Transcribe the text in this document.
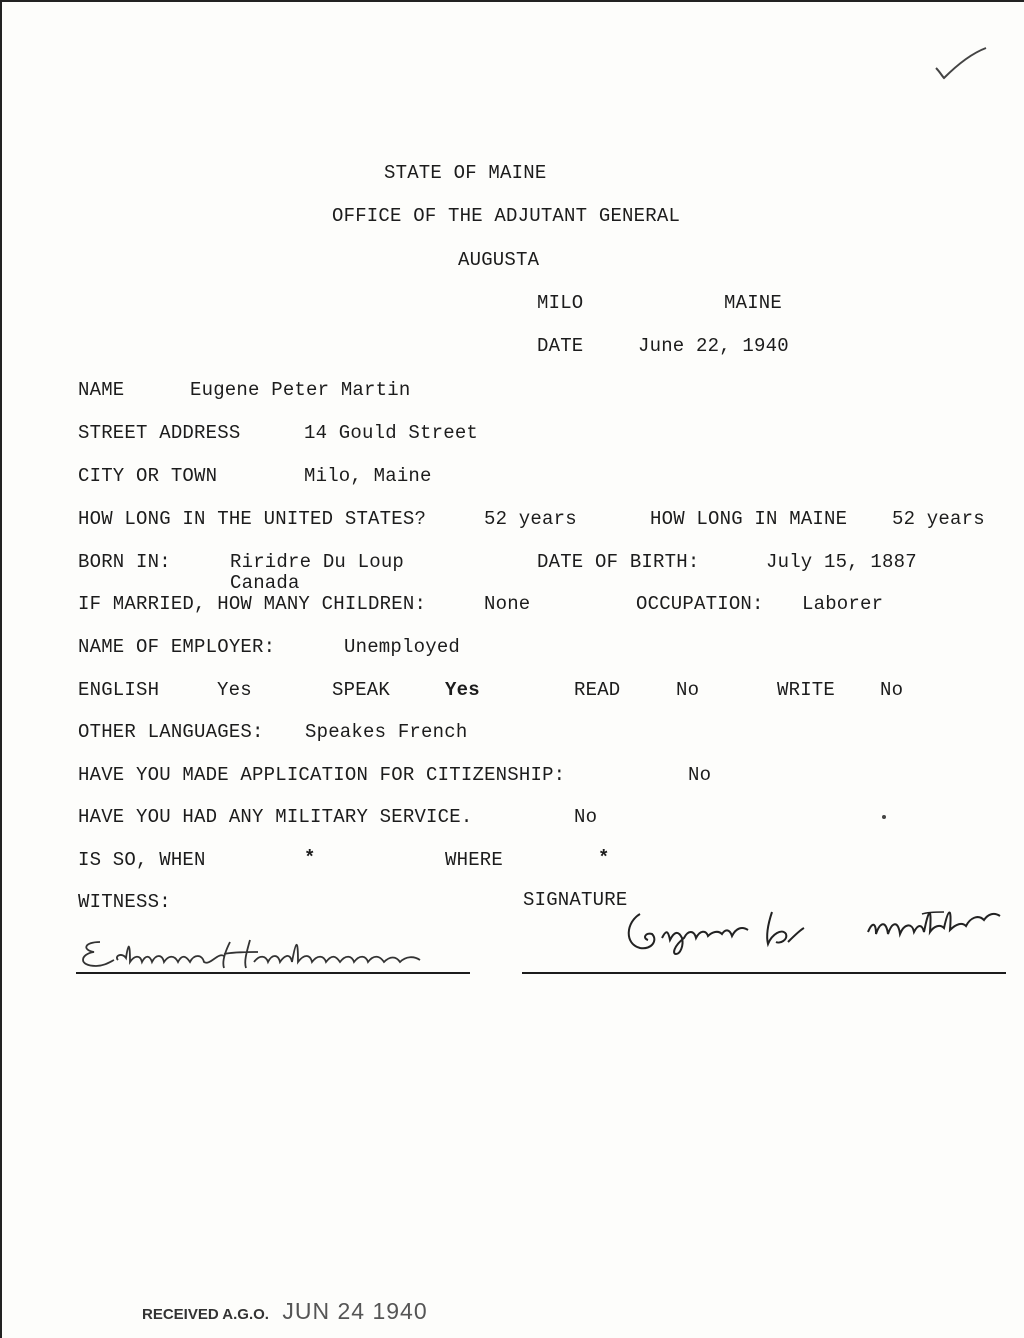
STATE OF MAINE
OFFICE OF THE ADJUTANT GENERAL
AUGUSTA
MILO	MAINE
DATE	June 22, 1940
NAME	Eugene Peter Martin
STREET ADDRESS	14 Gould Street
CITY OR TOWN	Milo, Maine
HOW LONG IN THE UNITED STATES?	52 years	HOW LONG IN MAINE 52 years
BORN IN:	Riridre Du Loup
Canada
DATE OF BIRTH:	July 15, 1887
IF MARRIED, HOW MANY CHILDREN:	None	OCCUPATION: Laborer
NAME OF EMPLOYER:	Unemployed
ENGLISH	Yes	SPEAK	Yes	READ	No	WRITE No
OTHER LANGUAGES: Speakes French
HAVE YOU MADE APPLICATION FOR CITIZENSHIP:	No
HAVE YOU HAD ANY MILITARY SERVICE.	No
IS SO, WHEN	*	WHERE	*
WITNESS:	SIGNATURE
RECEIVED A.G.O. JUN 24 1940
